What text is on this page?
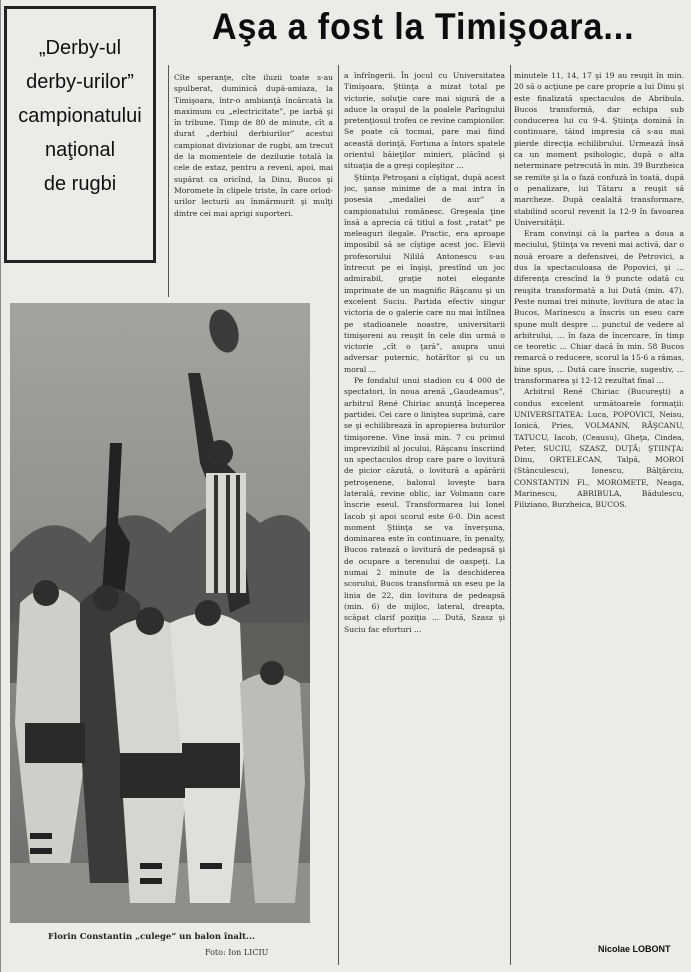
„Derby-ul
derby-urilor”
campionatului
naţional
de rugbi
Aşa a fost la Timişoara...

Cîte speranţe, cîte iluzii toate s-au spulberat, duminică după-amiaza, la Timişoara, într-o ambianţă încărcată la maximum cu „electricitate”, pe iarbă şi în tribune. Timp de 80 de minute, cît a durat „derbiul derbiurilor” acestui campionat divizionar de rugbi, am trecut de la momentele de deziluzie totală la cele de extaz, pentru a reveni, apoi, mai supărat ca oricînd, la Dinu, Bucos şi Moromete în clipele triste, în care orlod-urilor lecturii au înmărmurit şi mulţi dintre cei mai aprigi suporteri.

Florin Constantin „culege” un balon înalt...
Foto: Ion LICIU

a înfrîngerii. În jocul cu Universitatea Timişoara, Ştiinţa a mizat total pe victorie, soluţie care mai sigură de a aduce la oraşul de la poalele Parîngului pretenţiosul trofeu ce revine campionilor. Se poate că tocmai, pare mai fiind această dorinţă, Fortuna a întors spatele orientul băieţilor minieri, plăcînd şi situaţia de a greşi copleşitor ...

Ştiinţa Petroşani a cîştigat, după acest joc, şanse minime de a mai intra în posesia „medaliei de aur” a campionatului românesc. Greşeala ţine însă a aprecia că titlul a fost „ratat” pe meleaguri ilegale. Practic, era aproape imposibil să se cîştige acest joc. Elevii profesorului Nililă Antonescu s-au întrecut pe ei înşişi, prestînd un joc admirabil, graţie notei elegante imprimate de un magnific Răşcanu şi un excelent Suciu. Partida efectiv singur victoria de o galerie care nu mai întîlnea pe stadioanele noastre, universitarii timişoreni au reuşit în cele din urmă o victorie „cît o ţară”, asupra unui adversar puternic, hotărîtor şi cu un moral ...

Pe fondalul unui stadion cu 4 000 de spectatori, în noua arenă „Gaudeamus”, arbitrul René Chiriac anunţă începerea partidei. Cei care o liniştea suprimă, care se şi echilibrează în apropierea buturilor timişorene. Vine însă min. 7 cu primul imprevizibil al jocului, Răşcanu înscriind un spectaculos drop care pare o lovitură de picior căzută, o lovitură a apărării petroşenene, balonul loveşte bara laterală, revine oblic, iar Volmann care înscrie eseul. Transformarea lui Ionel Iacob şi apoi scorul este 6-0. Din acest moment Ştiinţa se va înverşuna, dominarea este în continuare, în penalty, Bucos ratează o lovitură de pedeapsă şi de ocupare a terenului de oaspeţi. La numai 2 minute de la deschiderea scorului, Bucos transformă un eseu pe la linia de 22, din lovitura de pedeapsă (min. 6) de mijloc, lateral, dreapta, scăpat clarif poziţia ... Dută, Szasz şi Suciu fac eforturi ...

minutele 11, 14, 17 şi 19 au reuşit în min. 20 să o acţiune pe care proprie a lui Dinu şi este finalizată spectaculos de Abribula. Bucos transformă, dar echipa sub conducerea lui cu 9-4. Ştiinţa domină în continuare, tăind impresia că s-au mai pierde direcţia echilibrului. Urmează însă ca un moment psihologic, după o alta neterminare petrecută în min. 39 Burzheica se remite şi la o fază confuză în toată, după o penalizare, lui Tătaru a reuşit să marcheze. După cealaltă transformare, stabilind scorul revenit la 12-9 în favoarea Universităţii.

Eram convinşi că la partea a doua a meciului, Ştiinţa va reveni mai activă, dar o nouă eroare a defensivei, de Petrovici, a dus la spectaculoasa de Popovici, şi ... diferenţa crescînd la 9 puncte odată cu reuşita transformată a lui Dută (min. 47). Peste numai trei minute, lovitura de atac la Bucos, Marinescu a înscris un eseu care spune mult despre ... punctul de vedere al arbitrului, ... în faza de încercare, în timp ce teoretic ... Chiar dacă în min. 58 Bucos remarcă o reducere, scorul la 15-6 a rămas, bine spus, ... Dută care înscrie, sugestiv, ... transformarea şi 12-12 rezultat final ...

Arbitrul René Chiriac (Bucureşti) a condus excelent următoarele formaţii: UNIVERSITATEA: Luca, POPOVICI, Neisu, Ionică, Pries, VOLMANN, RĂŞCANU, TATUCU, Iacob, (Ceausu), Gheţa, Cindea, Peter, SUCIU, SZASZ, DUŢĂ; ŞTIINŢA: Dinu, ORTELECAN, Talpă, MOROI (Stănculescu), Ionescu, Bălţărciu, CONSTANTIN Fl., MOROMETE, Neaga, Marinescu, ABRIBULA, Bădulescu, Filiziano, Burzheica, BUCOS.

Nicolae LOBONT
